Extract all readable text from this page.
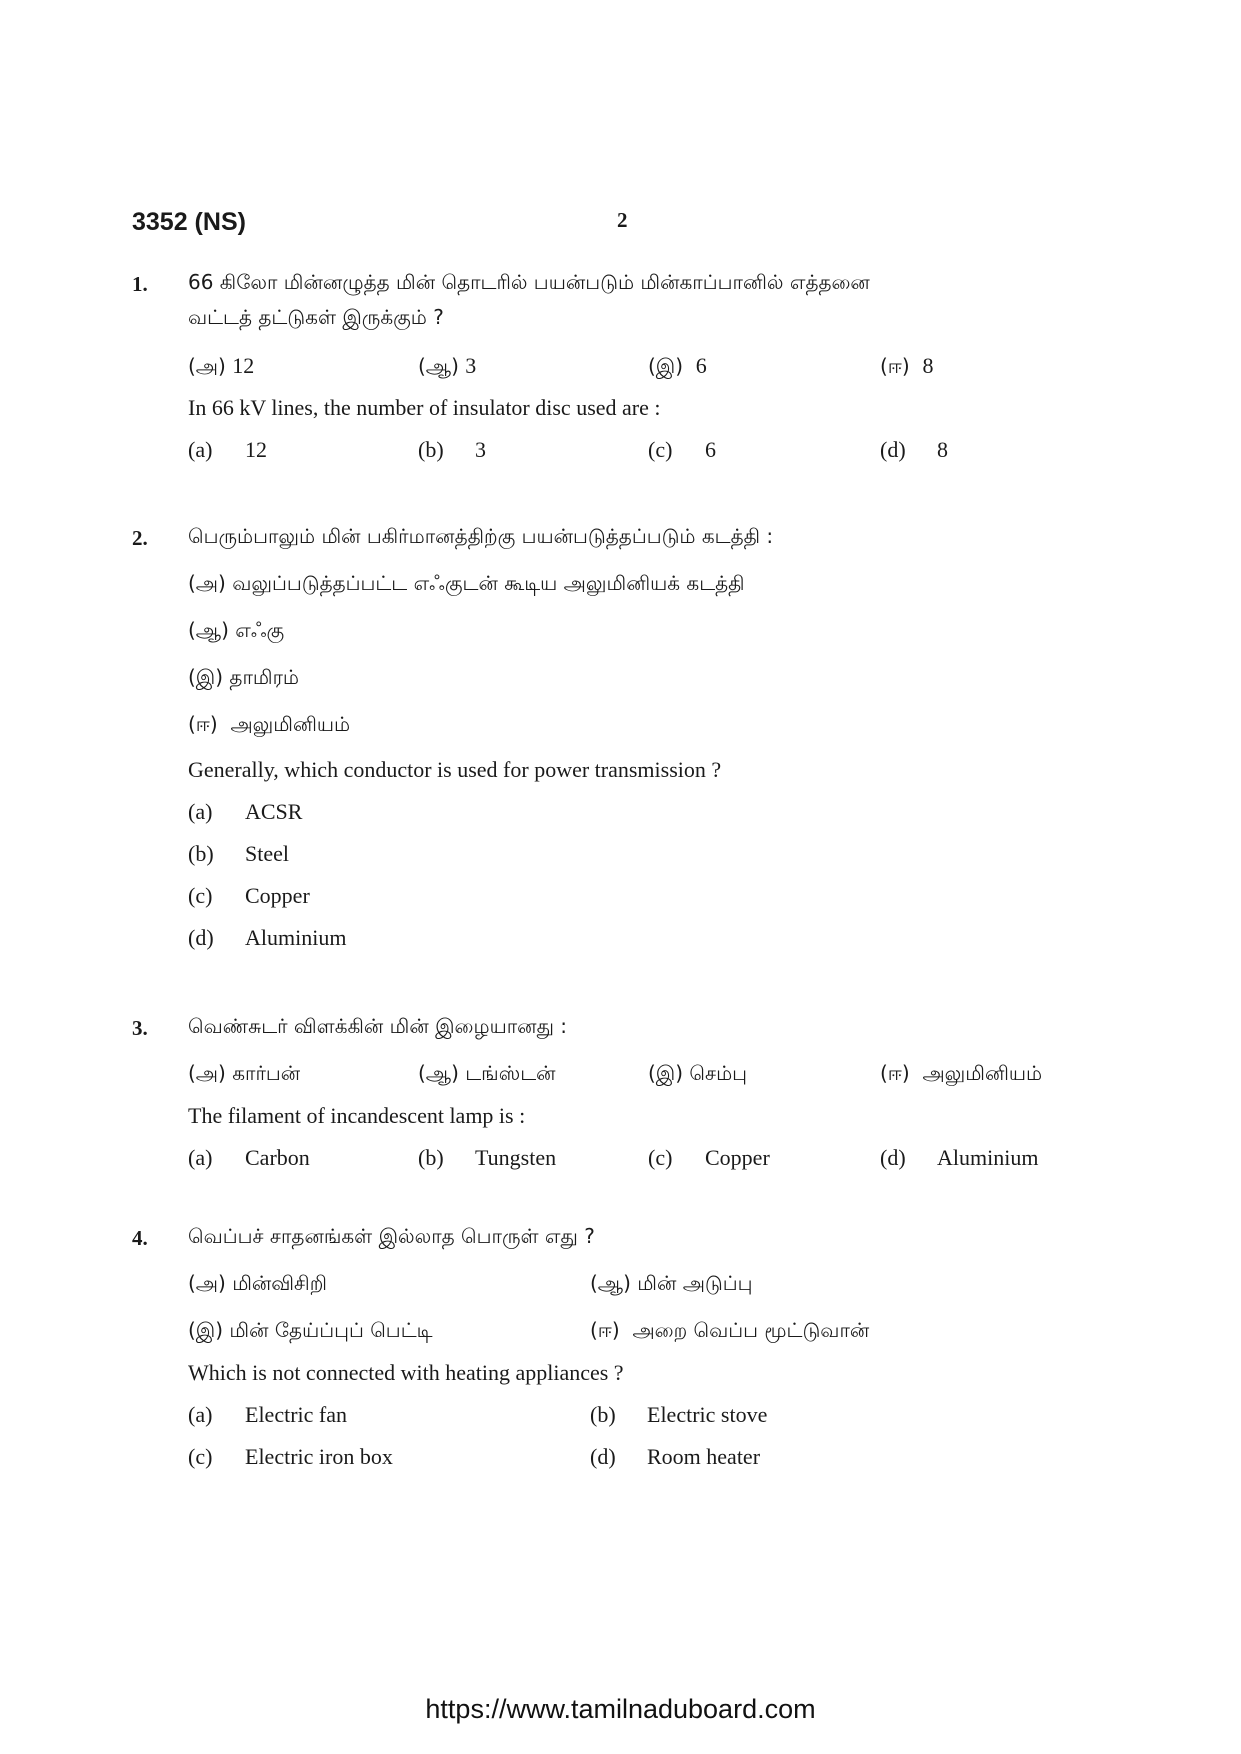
3352 (NS)	2
1. 66 கிலோ மின்னழுத்த மின் தொடரில் பயன்படும் மின்காப்பானில் எத்தனை
வட்டத் தட்டுகள் இருக்கும் ?
(அ) 12	(ஆ) 3	(இ) 6	(ஈ) 8
In 66 kV lines, the number of insulator disc used are :
(a) 12	(b) 3	(c) 6	(d) 8
2. பெரும்பாலும் மின் பகிர்மானத்திற்கு பயன்படுத்தப்படும் கடத்தி :
(அ) வலுப்படுத்தப்பட்ட எஃகுடன் கூடிய அலுமினியக் கடத்தி
(ஆ) எஃகு
(இ) தாமிரம்
(ஈ) அலுமினியம்
Generally, which conductor is used for power transmission ?
(a) ACSR
(b) Steel
(c) Copper
(d) Aluminium
3. வெண்சுடர் விளக்கின் மின் இழையானது :
(அ) கார்பன்	(ஆ) டங்ஸ்டன்	(இ) செம்பு	(ஈ) அலுமினியம்
The filament of incandescent lamp is :
(a) Carbon	(b) Tungsten	(c) Copper	(d) Aluminium
4. வெப்பச் சாதனங்கள் இல்லாத பொருள் எது ?
(அ) மின்விசிறி	(ஆ) மின் அடுப்பு
(இ) மின் தேய்ப்புப் பெட்டி	(ஈ) அறை வெப்ப மூட்டுவான்
Which is not connected with heating appliances ?
(a) Electric fan	(b) Electric stove
(c) Electric iron box	(d) Room heater
https://www.tamilnaduboard.com
